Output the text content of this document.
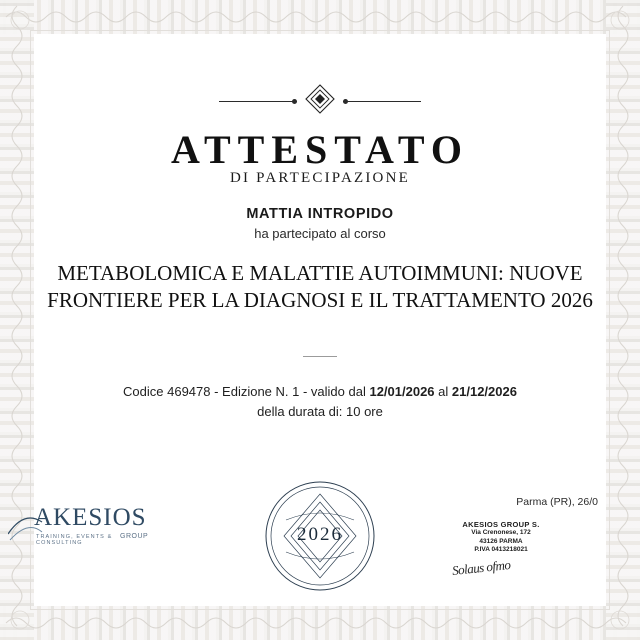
ATTESTATO
DI PARTECIPAZIONE
MATTIA INTROPIDO
ha partecipato al corso
METABOLOMICA E MALATTIE AUTOIMMUNI: NUOVE
FRONTIERE PER LA DIAGNOSI E IL TRATTAMENTO 2026
Codice 469478 - Edizione N. 1 - valido dal 12/01/2026 al 21/12/2026
della durata di: 10 ore
2026
AKESIOS
TRAINING, EVENTS & CONSULTING
GROUP
Parma (PR), 26/0
AKESIOS GROUP S.
Via Crenonese, 172
43126 PARMA
P.IVA 0413218021
Solaus ofmo
